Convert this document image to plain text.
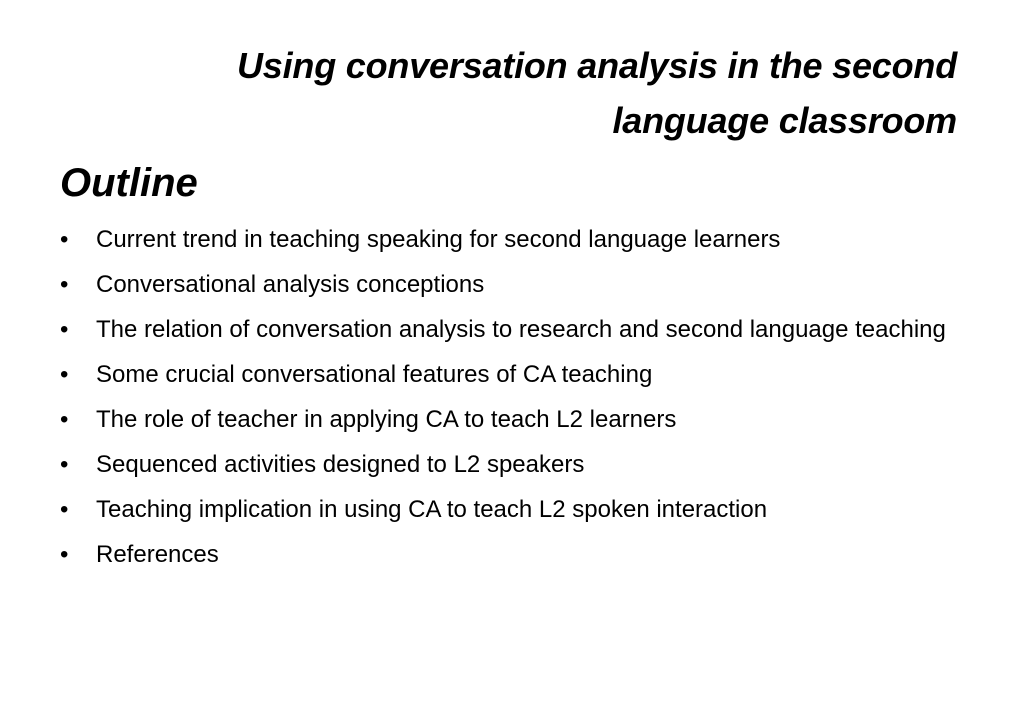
Using conversation analysis in the second language classroom
Outline
•	Current trend in teaching speaking for second language learners
•	Conversational analysis conceptions
•	The relation of conversation analysis to research and second language teaching
•	Some crucial conversational features of CA teaching
•	The role of teacher in applying CA to teach L2 learners
•	Sequenced activities designed to L2 speakers
•	Teaching implication in using CA to teach L2 spoken interaction
•	References
